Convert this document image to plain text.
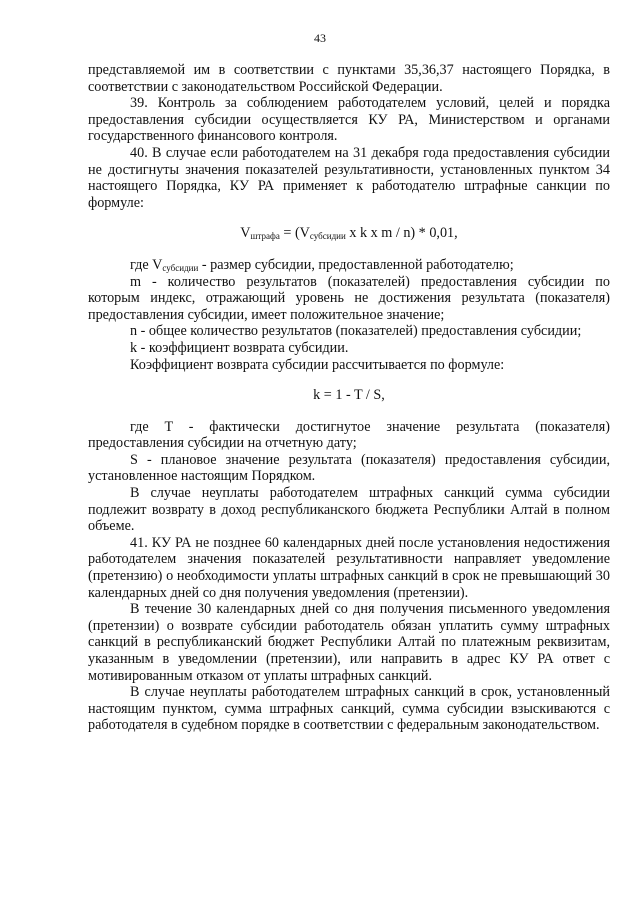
43

представляемой им в соответствии с пунктами 35,36,37 настоящего Порядка, в соответствии с законодательством Российской Федерации.

39. Контроль за соблюдением работодателем условий, целей и порядка предоставления субсидии осуществляется КУ РА, Министерством и органами государственного финансового контроля.

40. В случае если работодателем на 31 декабря года предоставления субсидии не достигнуты значения показателей результативности, установленных пунктом 34 настоящего Порядка, КУ РА применяет к работодателю штрафные санкции по формуле:

$V_{штрафа} = (V_{субсидии}$ x k x m / n) * 0,01,

где $V_{субсидии}$ - размер субсидии, предоставленной работодателю;

m - количество результатов (показателей) предоставления субсидии по которым индекс, отражающий уровень не достижения результата (показателя) предоставления субсидии, имеет положительное значение;

n - общее количество результатов (показателей) предоставления субсидии;

k - коэффициент возврата субсидии.

Коэффициент возврата субсидии рассчитывается по формуле:

k = 1 - T / S,

где T - фактически достигнутое значение результата (показателя) предоставления субсидии на отчетную дату;

S - плановое значение результата (показателя) предоставления субсидии, установленное настоящим Порядком.

В случае неуплаты работодателем штрафных санкций сумма субсидии подлежит возврату в доход республиканского бюджета Республики Алтай в полном объеме.

41. КУ РА не позднее 60 календарных дней после установления недостижения работодателем значения показателей результативности направляет уведомление (претензию) о необходимости уплаты штрафных санкций в срок не превышающий 30 календарных дней со дня получения уведомления (претензии).

В течение 30 календарных дней со дня получения письменного уведомления (претензии) о возврате субсидии работодатель обязан уплатить сумму штрафных санкций в республиканский бюджет Республики Алтай по платежным реквизитам, указанным в уведомлении (претензии), или направить в адрес КУ РА ответ с мотивированным отказом от уплаты штрафных санкций.

В случае неуплаты работодателем штрафных санкций в срок, установленный настоящим пунктом, сумма штрафных санкций, сумма субсидии взыскиваются с работодателя в судебном порядке в соответствии с федеральным законодательством.
